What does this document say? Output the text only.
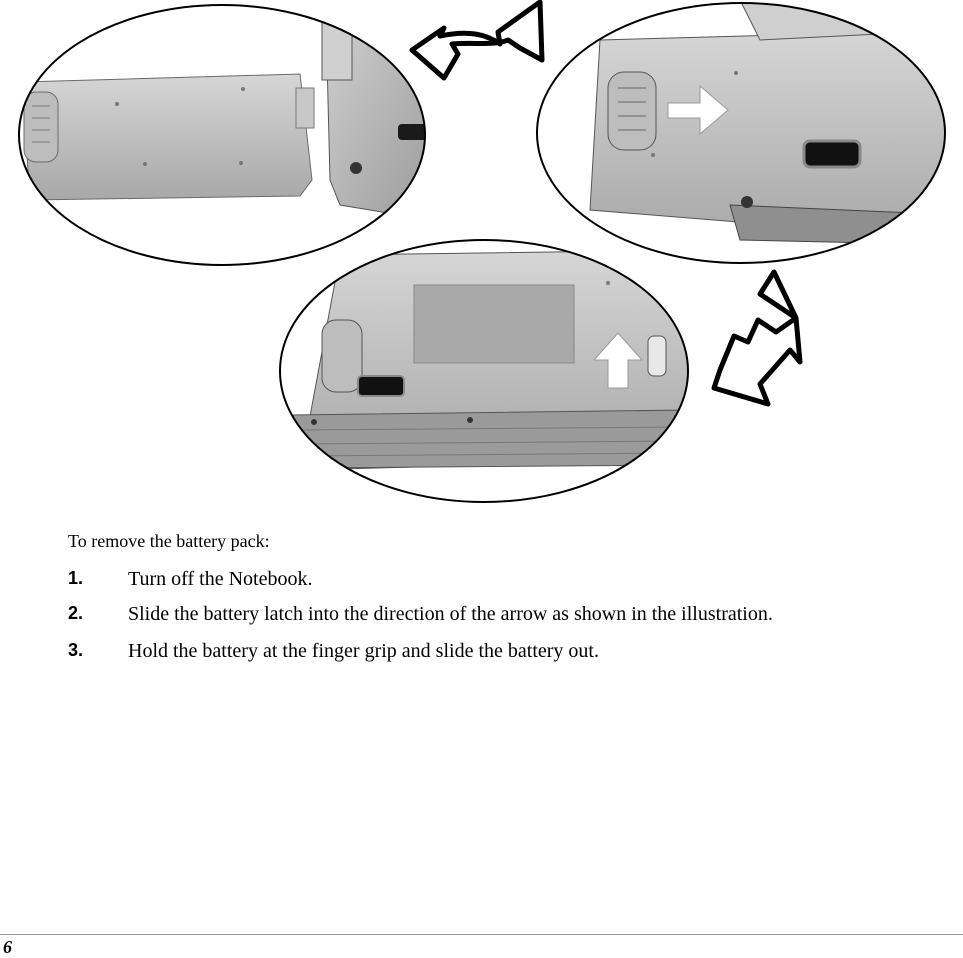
To remove the battery pack:
1. Turn off the Notebook.
2. Slide the battery latch into the direction of the arrow as shown in the illustration.
3. Hold the battery at the finger grip and slide the battery out.
6
